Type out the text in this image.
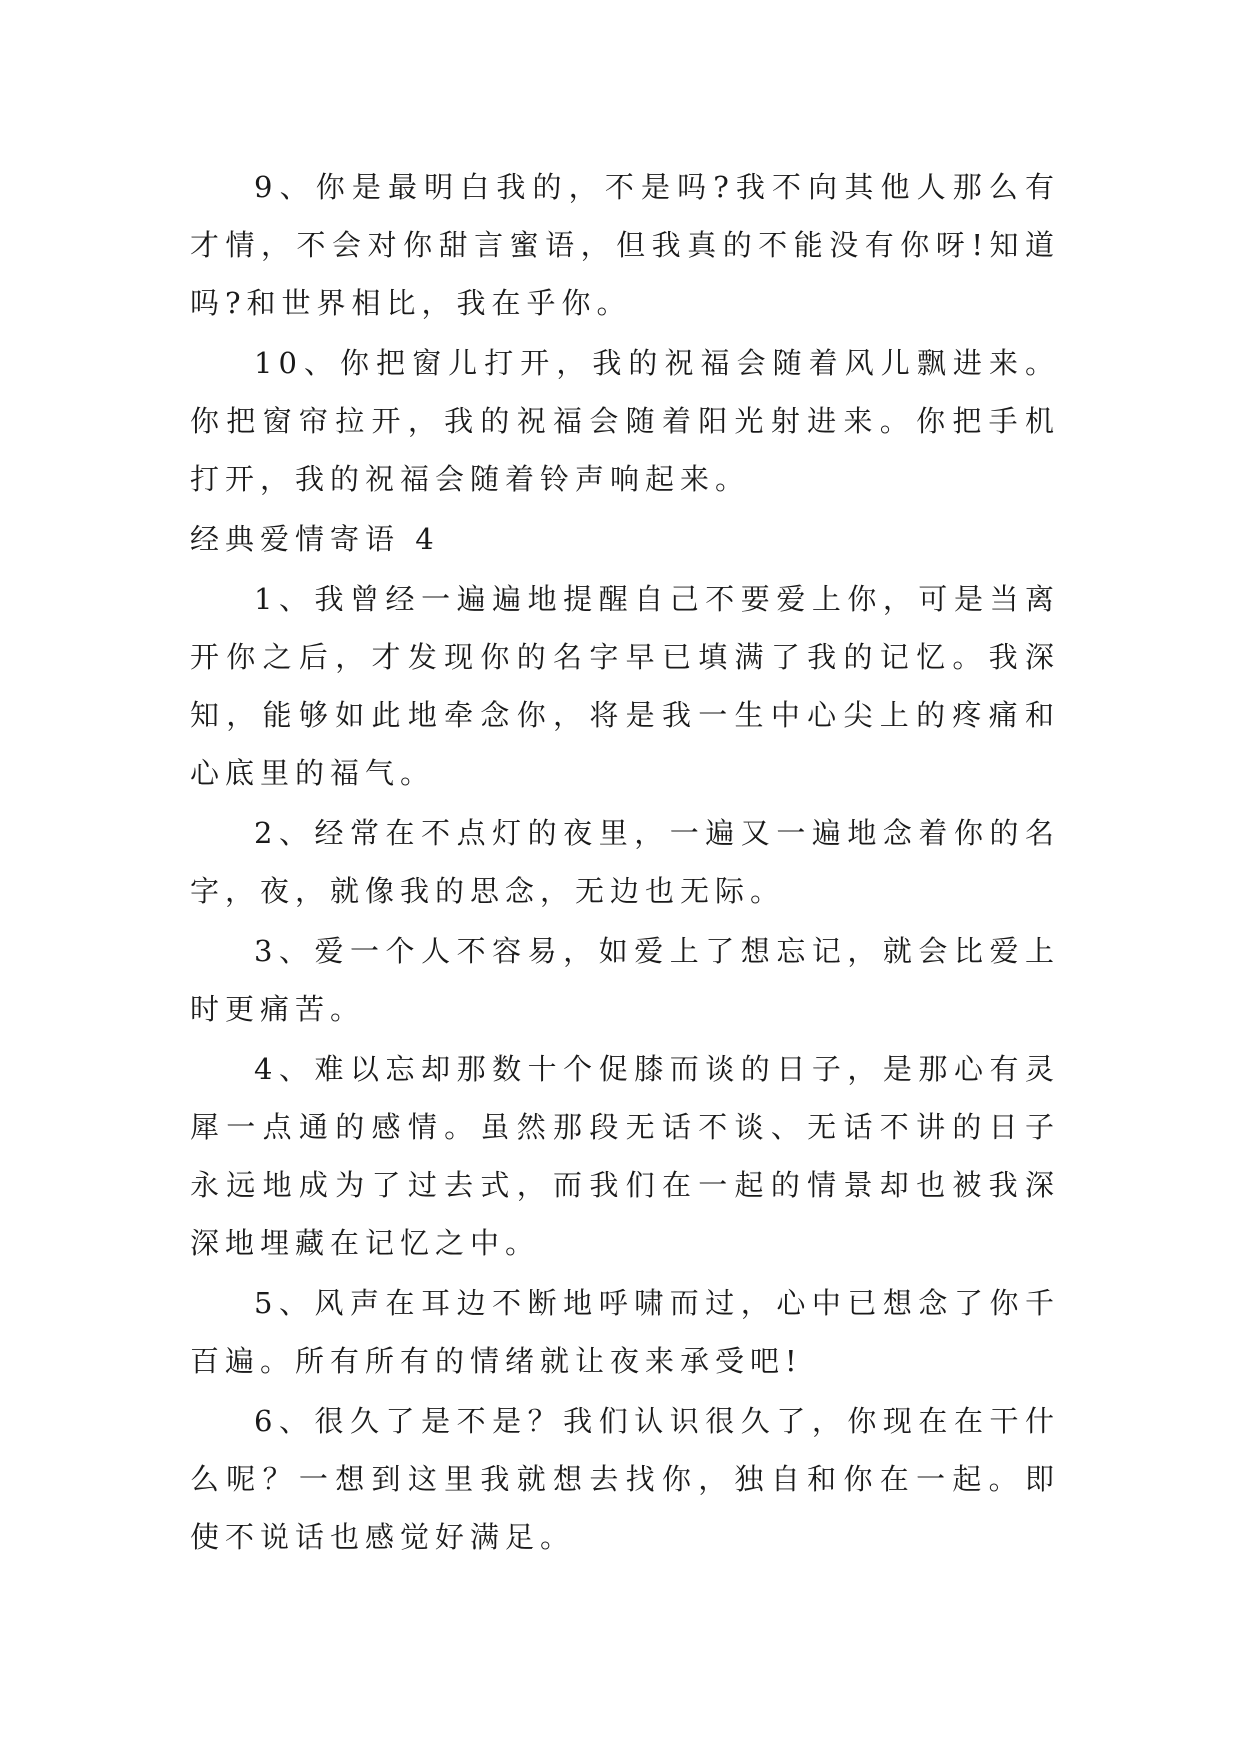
9、你是最明白我的，不是吗?我不向其他人那么有才情，不会对你甜言蜜语，但我真的不能没有你呀!知道吗?和世界相比，我在乎你。

10、你把窗儿打开，我的祝福会随着风儿飘进来。你把窗帘拉开，我的祝福会随着阳光射进来。你把手机打开，我的祝福会随着铃声响起来。

经典爱情寄语 4

1、我曾经一遍遍地提醒自己不要爱上你，可是当离开你之后，才发现你的名字早已填满了我的记忆。我深知，能够如此地牵念你，将是我一生中心尖上的疼痛和心底里的福气。

2、经常在不点灯的夜里，一遍又一遍地念着你的名字，夜，就像我的思念，无边也无际。

3、爱一个人不容易，如爱上了想忘记，就会比爱上时更痛苦。

4、难以忘却那数十个促膝而谈的日子，是那心有灵犀一点通的感情。虽然那段无话不谈、无话不讲的日子永远地成为了过去式，而我们在一起的情景却也被我深深地埋藏在记忆之中。

5、风声在耳边不断地呼啸而过，心中已想念了你千百遍。所有所有的情绪就让夜来承受吧!

6、很久了是不是？我们认识很久了，你现在在干什么呢？一想到这里我就想去找你，独自和你在一起。即使不说话也感觉好满足。
